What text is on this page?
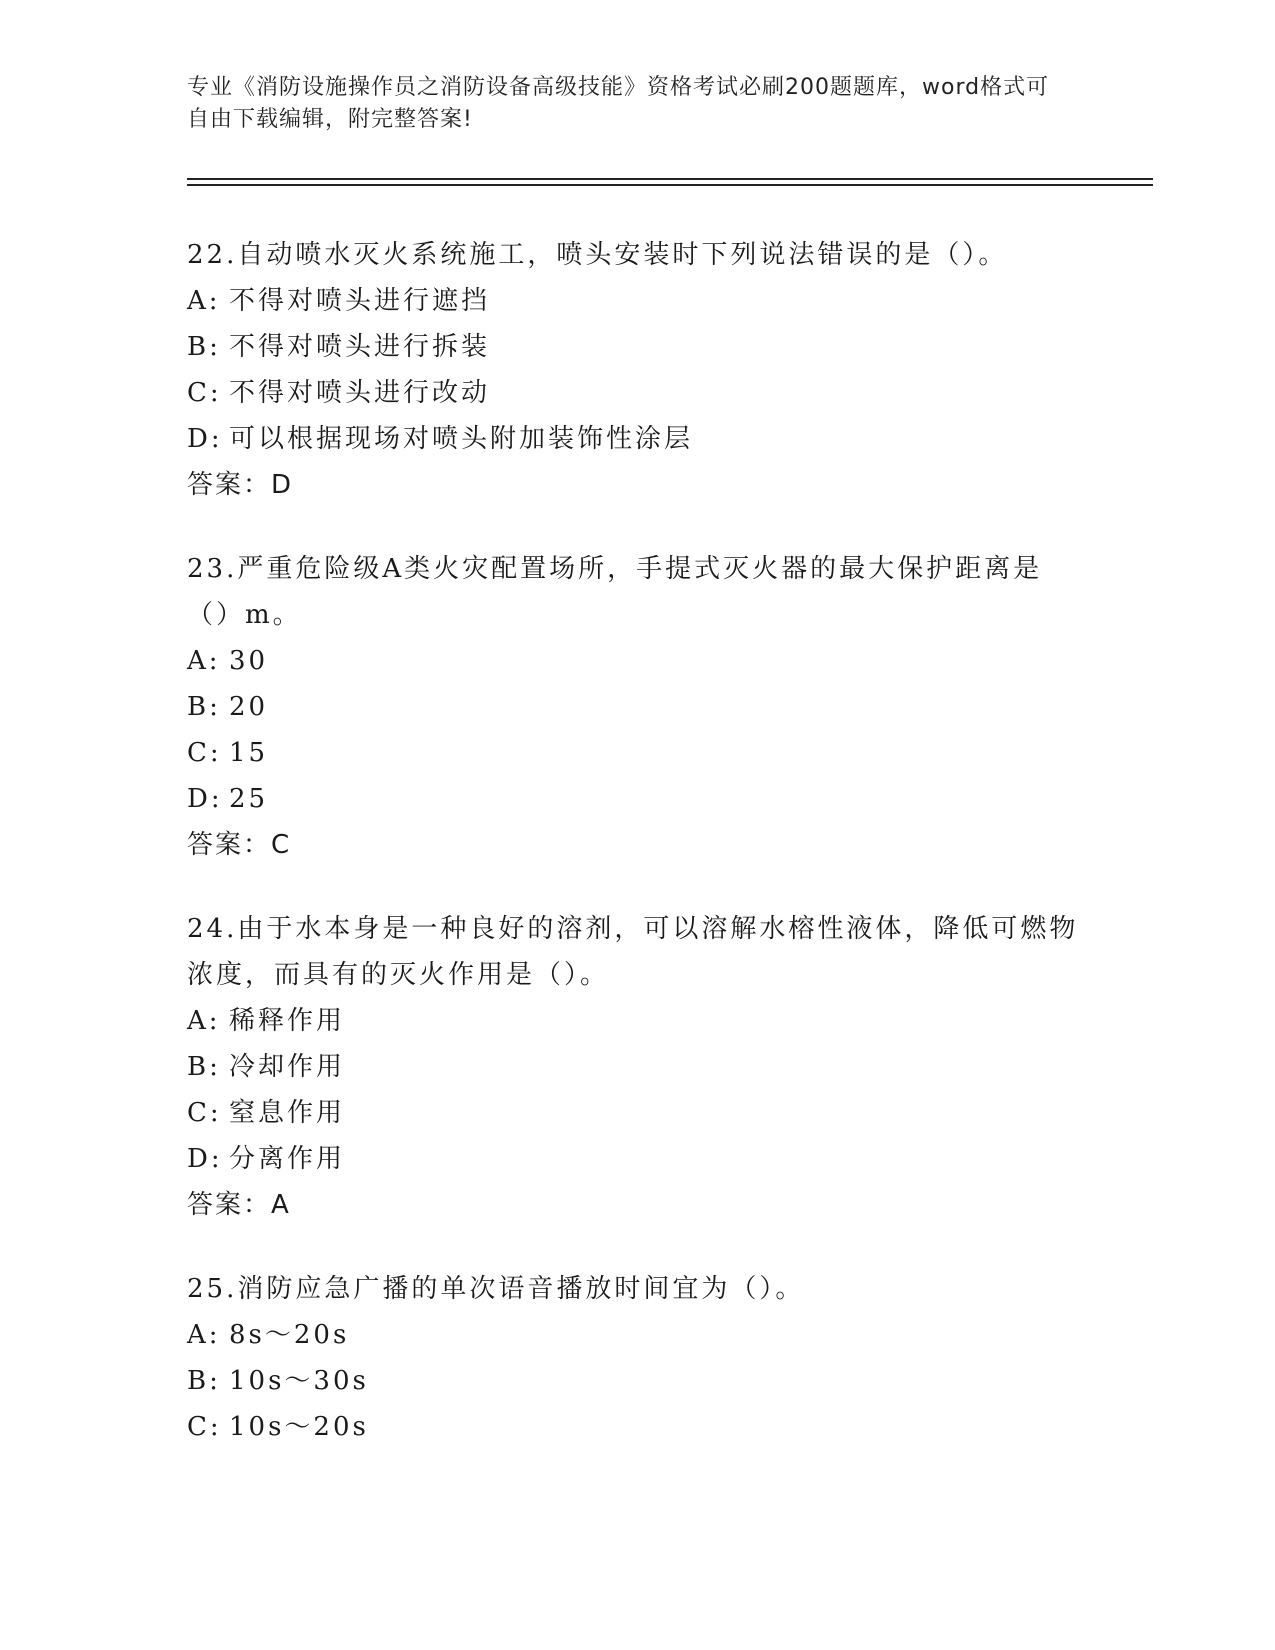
专业《消防设施操作员之消防设备高级技能》资格考试必刷200题题库，word格式可自由下载编辑，附完整答案!

22.自动喷水灭火系统施工，喷头安装时下列说法错误的是（）。

A: 不得对喷头进行遮挡

B: 不得对喷头进行拆装

C: 不得对喷头进行改动

D: 可以根据现场对喷头附加装饰性涂层

答案：D

23.严重危险级A类火灾配置场所，手提式灭火器的最大保护距离是（）m。

A: 30

B: 20

C: 15

D: 25

答案：C

24.由于水本身是一种良好的溶剂，可以溶解水榕性液体，降低可燃物浓度，而具有的灭火作用是（）。

A: 稀释作用

B: 冷却作用

C: 窒息作用

D: 分离作用

答案：A

25.消防应急广播的单次语音播放时间宜为（）。

A: 8s～20s

B: 10s～30s

C: 10s～20s
